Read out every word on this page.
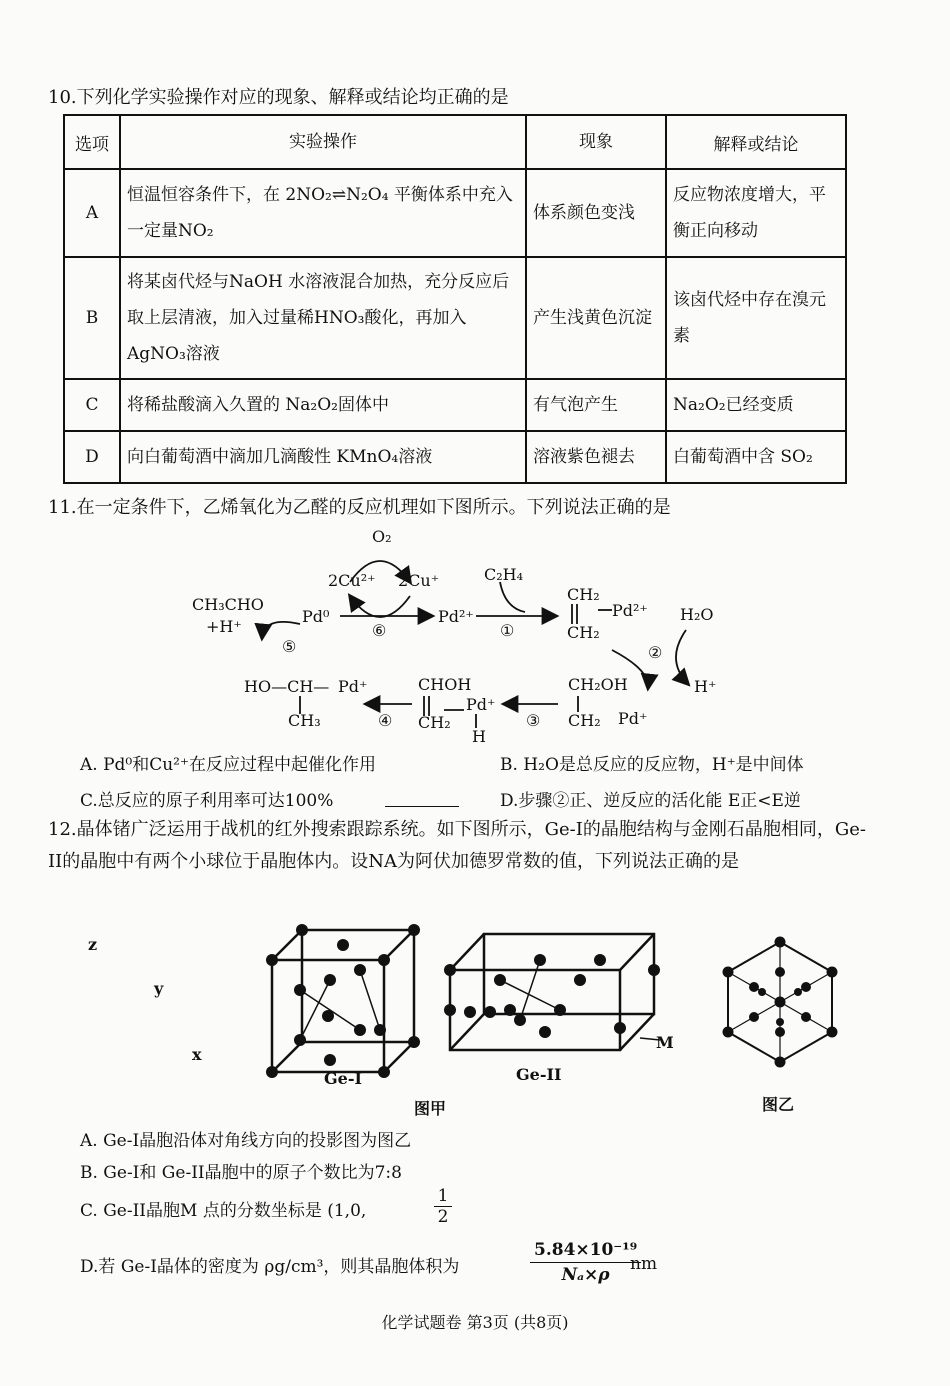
10.下列化学实验操作对应的现象、解释或结论均正确的是
选项	实验操作	现象	解释或结论
A	恒温恒容条件下，在 2NO₂⇌N₂O₄ 平衡体系中充入一定量NO₂	体系颜色变浅	反应物浓度增大，平衡正向移动
B	将某卤代烃与NaOH 水溶液混合加热，充分反应后取上层清液，加入过量稀HNO₃酸化，再加入 AgNO₃溶液	产生浅黄色沉淀	该卤代烃中存在溴元素
C	将稀盐酸滴入久置的 Na₂O₂固体中	有气泡产生	Na₂O₂已经变质
D	向白葡萄酒中滴加几滴酸性 KMnO₄溶液	溶液紫色褪去	白葡萄酒中含 SO₂
11.在一定条件下，乙烯氧化为乙醛的反应机理如下图所示。下列说法正确的是
O₂
2Cu²⁺ 2Cu⁺	C₂H₄
CH₃CHO
+H⁺
Pd⁰	Pd²⁺
CH₂
Pd²⁺
CH₂
H₂O
H⁺
CH₂OH
CH₂ Pd⁺
CHOH
CH₂
Pd⁺
H
HO—CH— Pd⁺
CH₃
①
②
③
④
⑤
⑥
A. Pd⁰和Cu²⁺在反应过程中起催化作用	B. H₂O是总反应的反应物，H⁺是中间体
C.总反应的原子利用率可达100%	D.步骤②正、逆反应的活化能 E正<E逆
12.晶体锗广泛运用于战机的红外搜索跟踪系统。如下图所示，Ge-I的晶胞结构与金刚石晶胞相同，Ge-II的晶胞中有两个小球位于晶胞体内。设NA为阿伏加德罗常数的值，下列说法正确的是
z
y
x
Ge-I	Ge-II
M
图甲	图乙
A. Ge-I晶胞沿体对角线方向的投影图为图乙
B. Ge-I和 Ge-II晶胞中的原子个数比为7:8
C. Ge-II晶胞M 点的分数坐标是 (1,0,	$\frac{1}{2}$
D.若 Ge-I晶体的密度为 ρg/cm³，则其晶胞体积为	$\frac{\text{5.84×10⁻¹⁹}}{\text{Nₐ×ρ}}$
nm
化学试题卷 第3页 (共8页)
